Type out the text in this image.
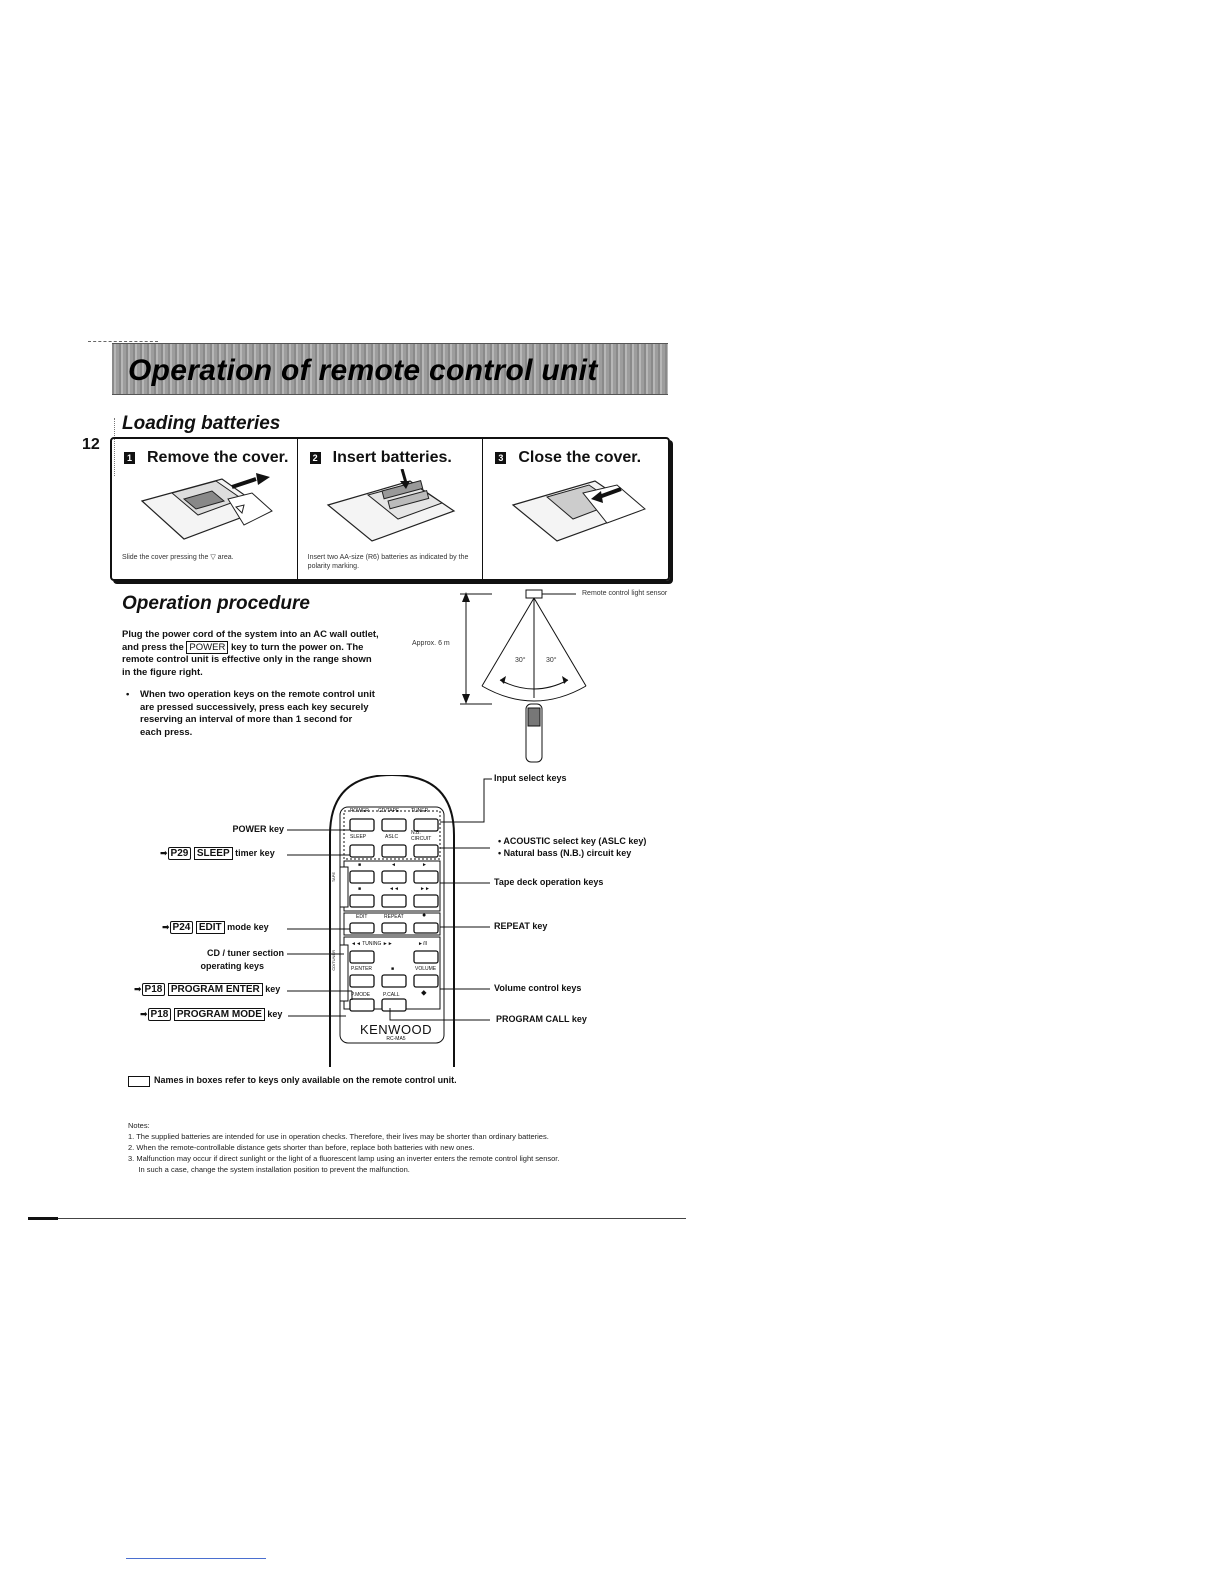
Operation of remote control unit
12
Loading batteries
1 Remove the cover.
Slide the cover pressing the ▽ area.
2 Insert batteries.
Insert two AA-size (R6) batteries as indicated by the polarity marking.
3 Close the cover.
Operation procedure
Plug the power cord of the system into an AC wall outlet, and press the POWER key to turn the power on. The remote control unit is effective only in the range shown in the figure right.
• When two operation keys on the remote control unit are pressed successively, press each key securely reserving an interval of more than 1 second for each press.
Remote control light sensor
Approx. 6 m
30°	30°
POWER CD/TAPE TUNER
SLEEP	ASLC
N.B. CIRCUIT
■	◄	►
■	◄◄	►►
EDIT	REPEAT	●
◄◄ TUNING ►►	►/II
P.ENTER	■	VOLUME
P.MODE	P.CALL	⬥
TAPE
CD/TUNER
KENWOOD
RC-MA5
POWER key
➡ P29 SLEEP timer key
➡ P24 EDIT mode key
CD / tuner section
operating keys
➡ P18 PROGRAM ENTER key
➡ P18 PROGRAM MODE key
Input select keys
• ACOUSTIC select key (ASLC key)
• Natural bass (N.B.) circuit key
Tape deck operation keys
REPEAT key
Volume control keys
PROGRAM CALL key
Names in boxes refer to keys only available on the remote control unit.
Notes:
1. The supplied batteries are intended for use in operation checks. Therefore, their lives may be shorter than ordinary batteries.
2. When the remote-controllable distance gets shorter than before, replace both batteries with new ones.
3. Malfunction may occur if direct sunlight or the light of a fluorescent lamp using an inverter enters the remote control light sensor.
In such a case, change the system installation position to prevent the malfunction.
